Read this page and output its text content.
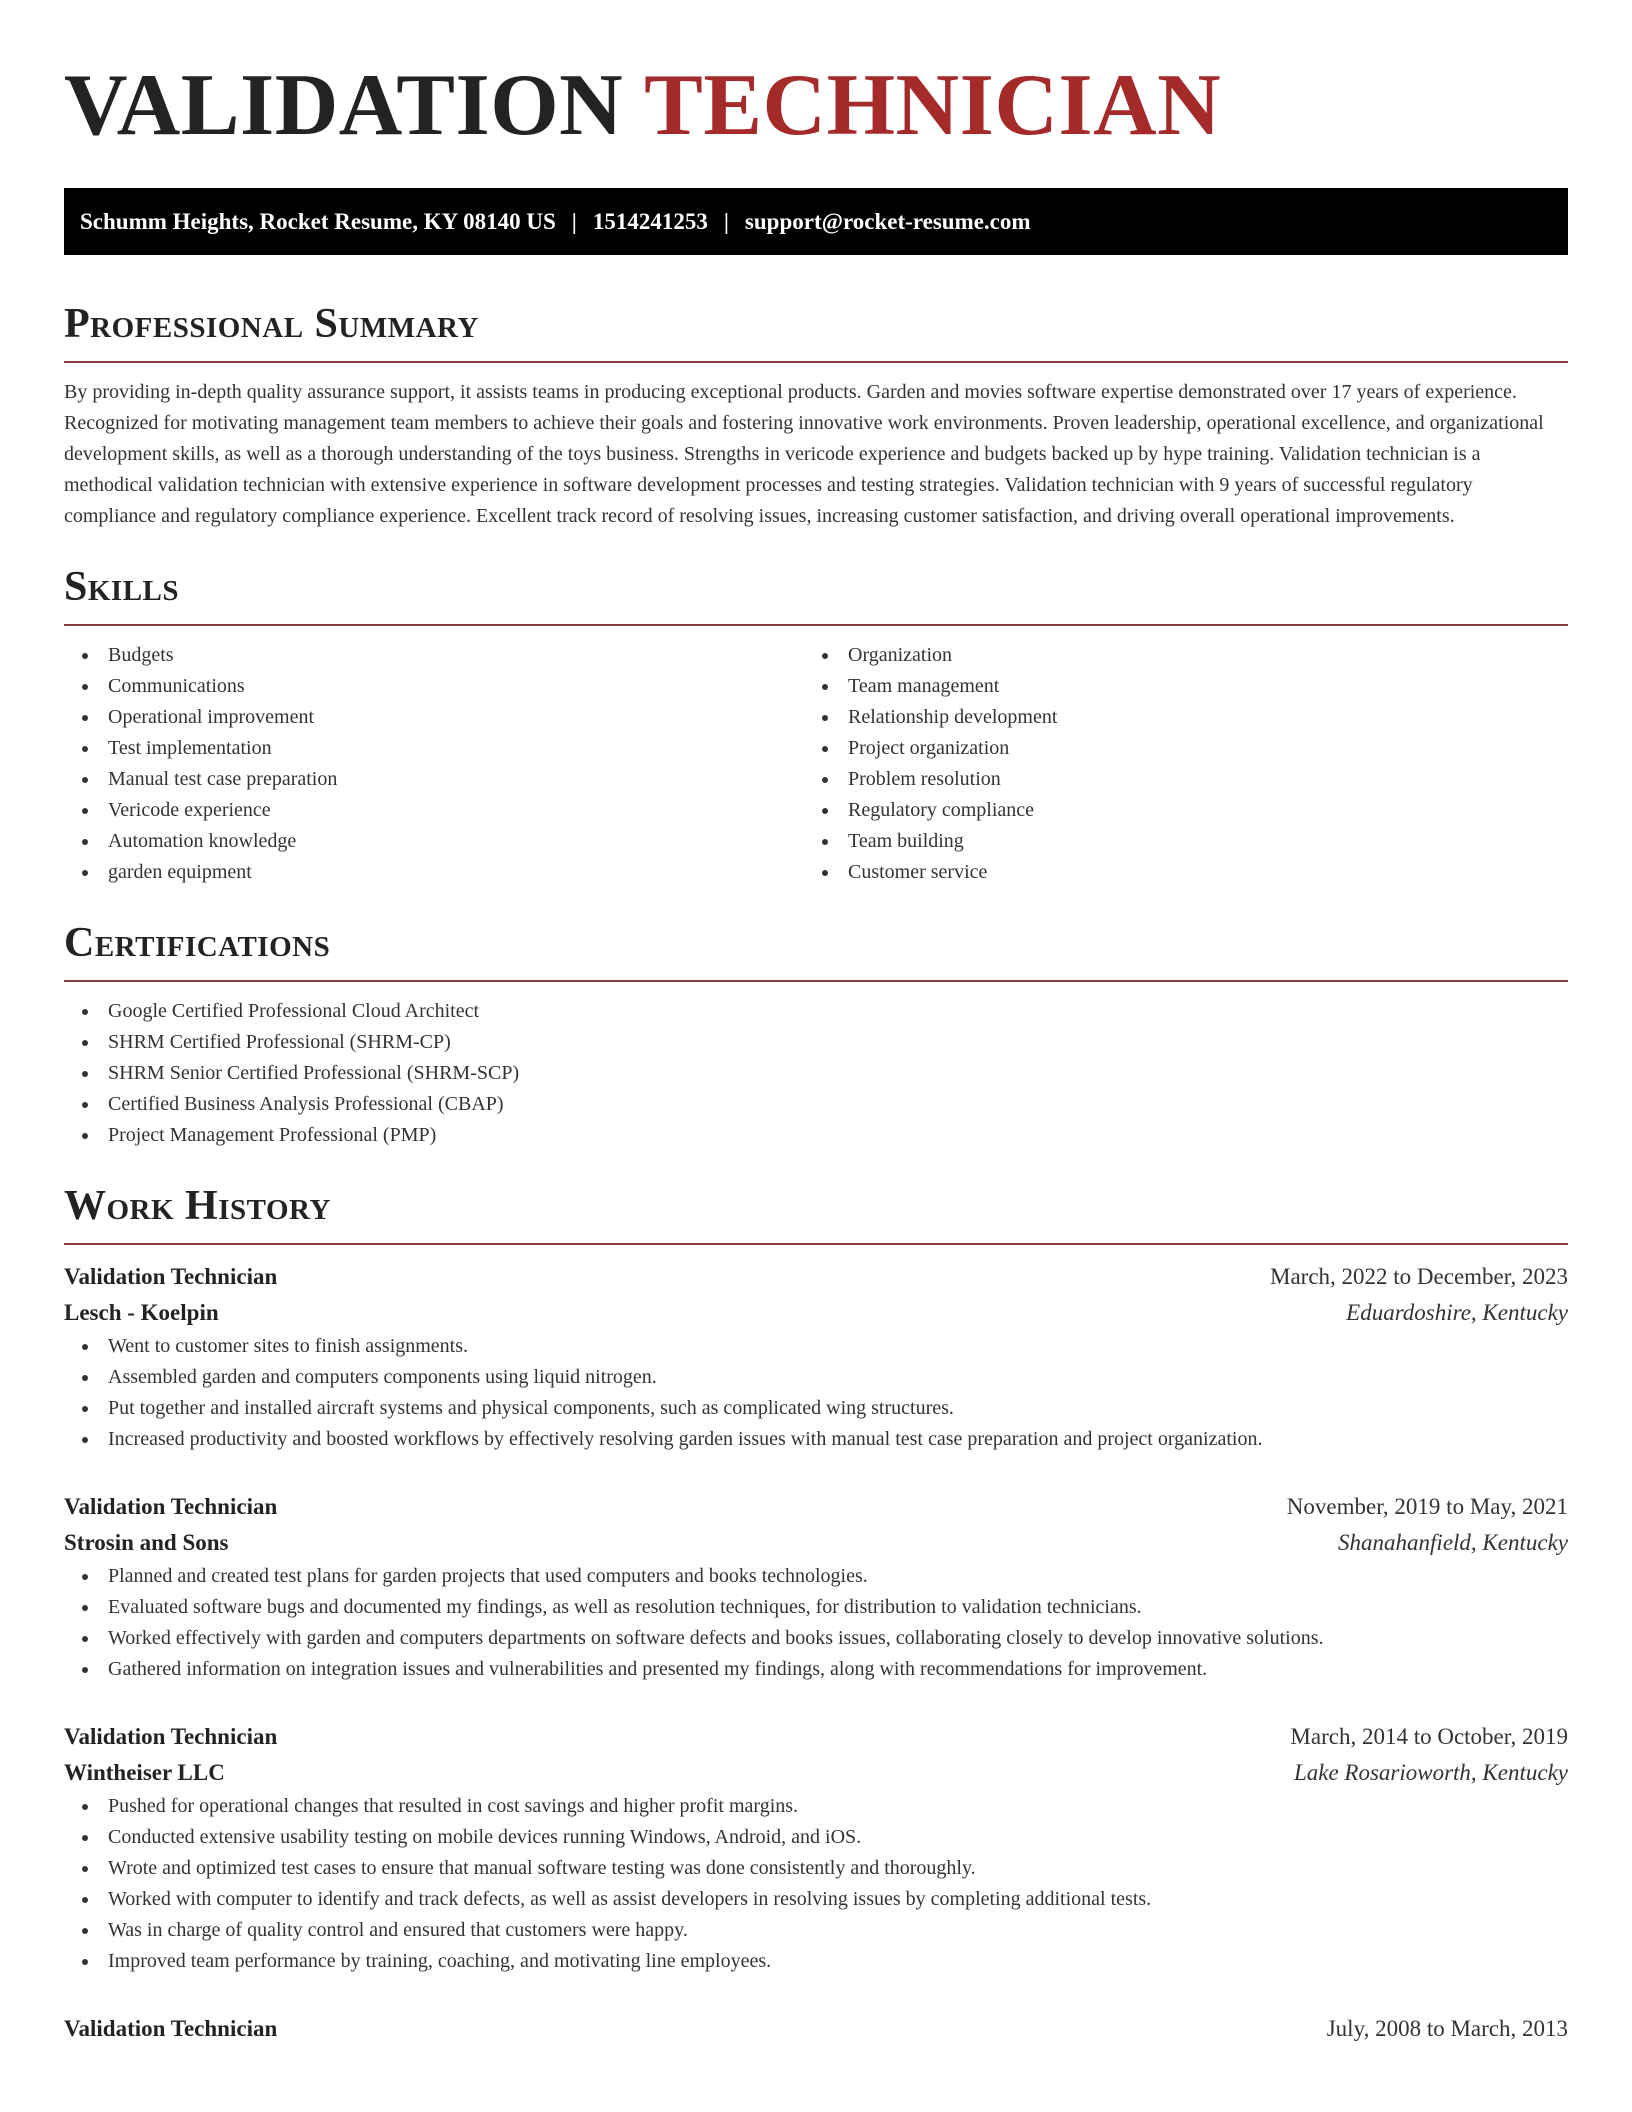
VALIDATION TECHNICIAN
Schumm Heights, Rocket Resume, KY 08140 US | 1514241253 | support@rocket-resume.com
Professional Summary

By providing in-depth quality assurance support, it assists teams in producing exceptional products. Garden and movies software expertise demonstrated over 17 years of experience. Recognized for motivating management team members to achieve their goals and fostering innovative work environments. Proven leadership, operational excellence, and organizational development skills, as well as a thorough understanding of the toys business. Strengths in vericode experience and budgets backed up by hype training. Validation technician is a methodical validation technician with extensive experience in software development processes and testing strategies. Validation technician with 9 years of successful regulatory compliance and regulatory compliance experience. Excellent track record of resolving issues, increasing customer satisfaction, and driving overall operational improvements.

Skills
Budgets
Communications
Operational improvement
Test implementation
Manual test case preparation
Vericode experience
Automation knowledge
garden equipment
Organization
Team management
Relationship development
Project organization
Problem resolution
Regulatory compliance
Team building
Customer service
Certifications
Google Certified Professional Cloud Architect
SHRM Certified Professional (SHRM-CP)
SHRM Senior Certified Professional (SHRM-SCP)
Certified Business Analysis Professional (CBAP)
Project Management Professional (PMP)
Work History
Validation Technician	March, 2022 to December, 2023
Lesch - Koelpin	Eduardoshire, Kentucky
Went to customer sites to finish assignments.
Assembled garden and computers components using liquid nitrogen.
Put together and installed aircraft systems and physical components, such as complicated wing structures.
Increased productivity and boosted workflows by effectively resolving garden issues with manual test case preparation and project organization.
Validation Technician	November, 2019 to May, 2021
Strosin and Sons	Shanahanfield, Kentucky
Planned and created test plans for garden projects that used computers and books technologies.
Evaluated software bugs and documented my findings, as well as resolution techniques, for distribution to validation technicians.
Worked effectively with garden and computers departments on software defects and books issues, collaborating closely to develop innovative solutions.
Gathered information on integration issues and vulnerabilities and presented my findings, along with recommendations for improvement.
Validation Technician	March, 2014 to October, 2019
Wintheiser LLC	Lake Rosarioworth, Kentucky
Pushed for operational changes that resulted in cost savings and higher profit margins.
Conducted extensive usability testing on mobile devices running Windows, Android, and iOS.
Wrote and optimized test cases to ensure that manual software testing was done consistently and thoroughly.
Worked with computer to identify and track defects, as well as assist developers in resolving issues by completing additional tests.
Was in charge of quality control and ensured that customers were happy.
Improved team performance by training, coaching, and motivating line employees.
Validation Technician	July, 2008 to March, 2013
